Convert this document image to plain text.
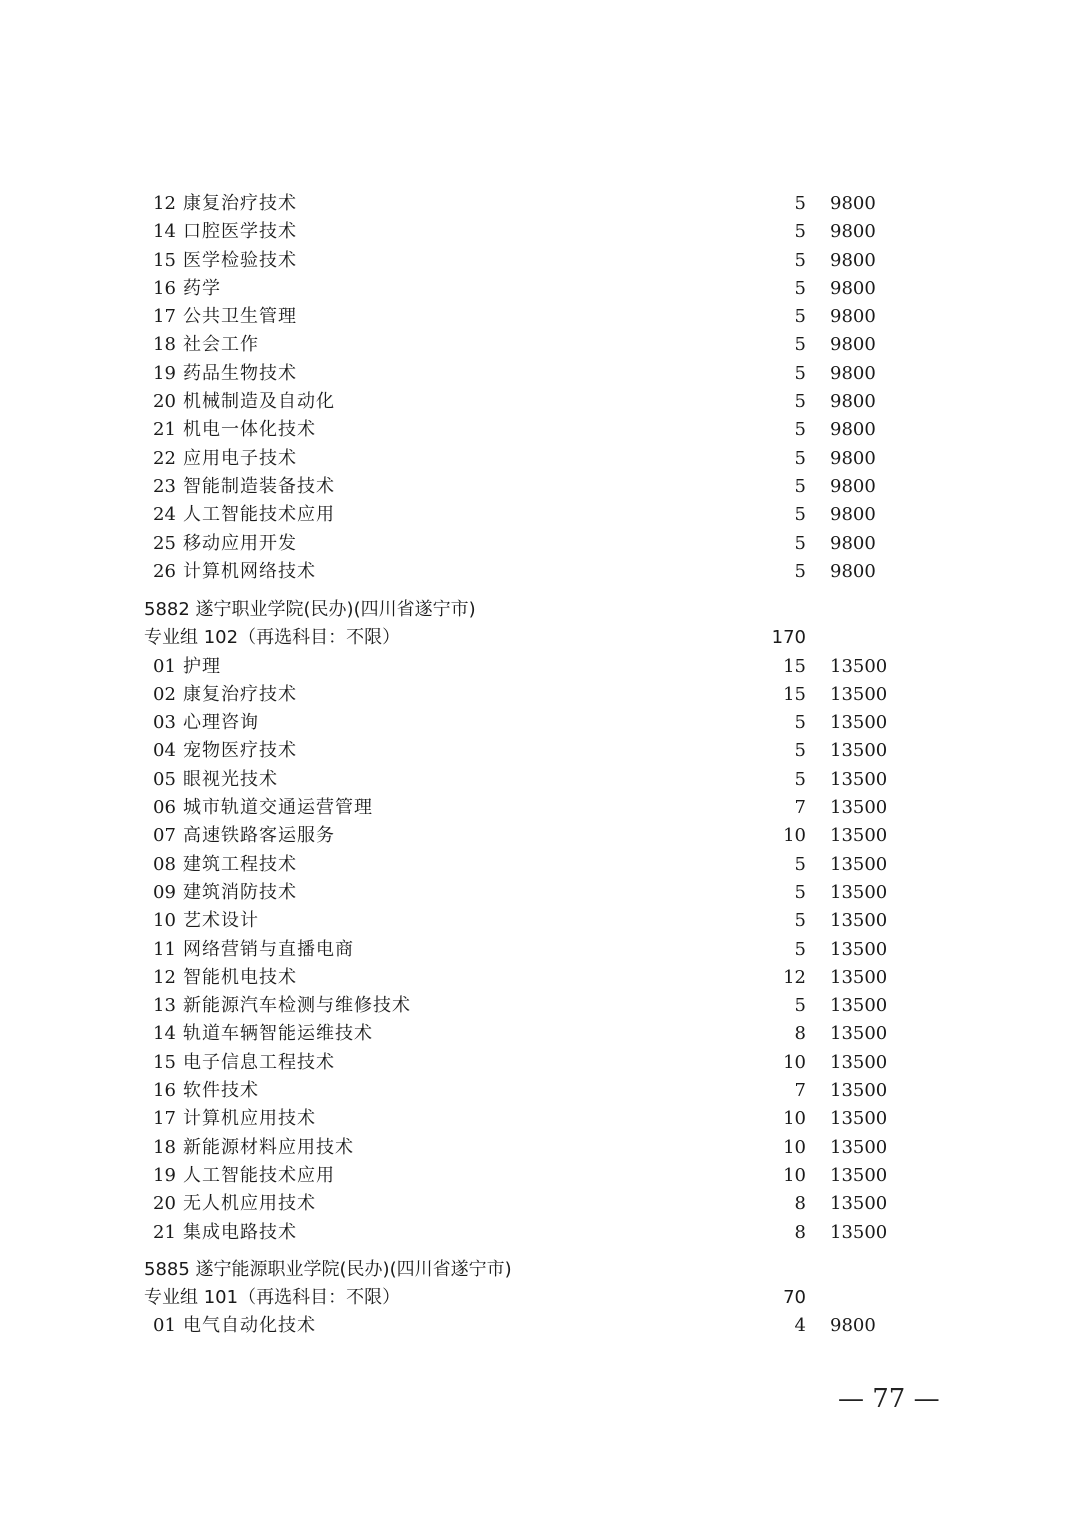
12 康复治疗技术	5 9800
14 口腔医学技术	5 9800
15 医学检验技术	5 9800
16 药学	5 9800
17 公共卫生管理	5 9800
18 社会工作	5 9800
19 药品生物技术	5 9800
20 机械制造及自动化	5 9800
21 机电一体化技术	5 9800
22 应用电子技术	5 9800
23 智能制造装备技术	5 9800
24 人工智能技术应用	5 9800
25 移动应用开发	5 9800
26 计算机网络技术	5 9800
5882 遂宁职业学院(民办)(四川省遂宁市)
专业组 102（再选科目：不限）	170
01 护理	15 13500
02 康复治疗技术	15 13500
03 心理咨询	5 13500
04 宠物医疗技术	5 13500
05 眼视光技术	5 13500
06 城市轨道交通运营管理	7 13500
07 高速铁路客运服务	10 13500
08 建筑工程技术	5 13500
09 建筑消防技术	5 13500
10 艺术设计	5 13500
11 网络营销与直播电商	5 13500
12 智能机电技术	12 13500
13 新能源汽车检测与维修技术	5 13500
14 轨道车辆智能运维技术	8 13500
15 电子信息工程技术	10 13500
16 软件技术	7 13500
17 计算机应用技术	10 13500
18 新能源材料应用技术	10 13500
19 人工智能技术应用	10 13500
20 无人机应用技术	8 13500
21 集成电路技术	8 13500
5885 遂宁能源职业学院(民办)(四川省遂宁市)
专业组 101（再选科目：不限）	70
01 电气自动化技术	4 9800
— 77 —
